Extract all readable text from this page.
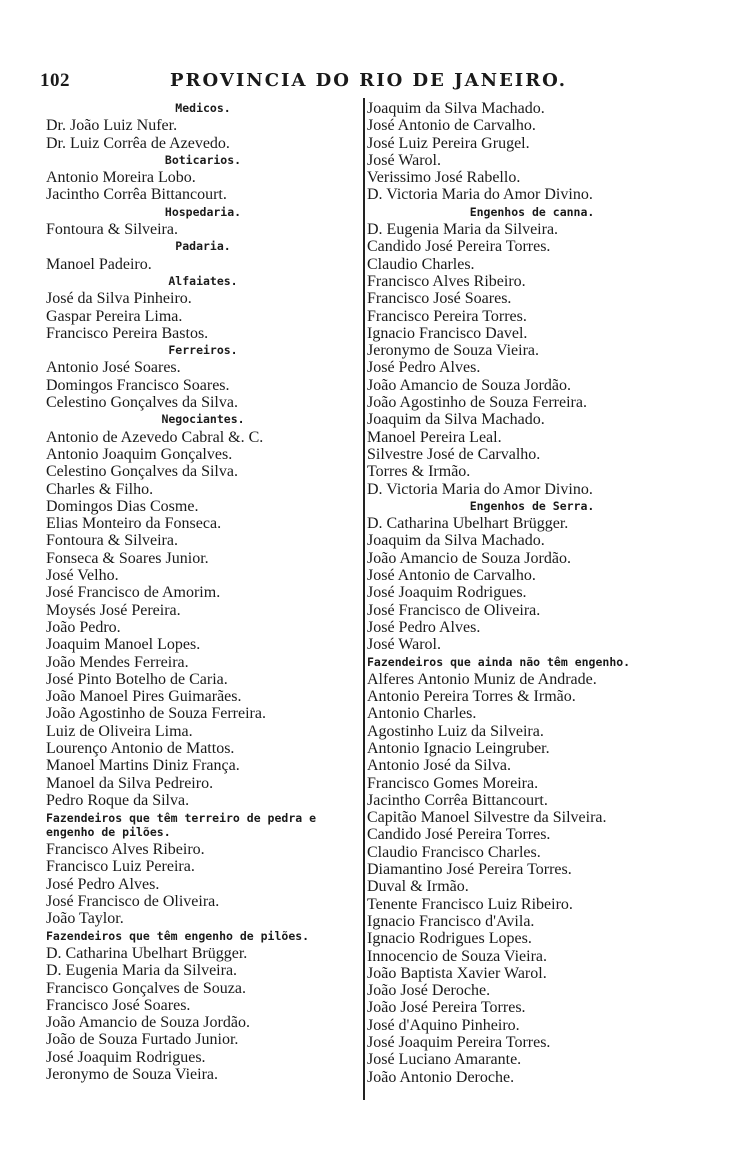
102	PROVINCIA DO RIO DE JANEIRO.
Medicos.
Dr. João Luiz Nufer.
Dr. Luiz Corrêa de Azevedo.
Boticarios.
Antonio Moreira Lobo.
Jacintho Corrêa Bittancourt.
Hospedaria.
Fontoura & Silveira.
Padaria.
Manoel Padeiro.
Alfaiates.
José da Silva Pinheiro.
Gaspar Pereira Lima.
Francisco Pereira Bastos.
Ferreiros.
Antonio José Soares.
Domingos Francisco Soares.
Celestino Gonçalves da Silva.
Negociantes.
Antonio de Azevedo Cabral &. C.
Antonio Joaquim Gonçalves.
Celestino Gonçalves da Silva.
Charles & Filho.
Domingos Dias Cosme.
Elias Monteiro da Fonseca.
Fontoura & Silveira.
Fonseca & Soares Junior.
José Velho.
José Francisco de Amorim.
Moysés José Pereira.
João Pedro.
Joaquim Manoel Lopes.
João Mendes Ferreira.
José Pinto Botelho de Caria.
João Manoel Pires Guimarães.
João Agostinho de Souza Ferreira.
Luiz de Oliveira Lima.
Lourenço Antonio de Mattos.
Manoel Martins Diniz França.
Manoel da Silva Pedreiro.
Pedro Roque da Silva.
Fazendeiros que têm terreiro de pedra e engenho de pilões.
Francisco Alves Ribeiro.
Francisco Luiz Pereira.
José Pedro Alves.
José Francisco de Oliveira.
João Taylor.
Fazendeiros que têm engenho de pilões.
D. Catharina Ubelhart Brügger.
D. Eugenia Maria da Silveira.
Francisco Gonçalves de Souza.
Francisco José Soares.
João Amancio de Souza Jordão.
João de Souza Furtado Junior.
José Joaquim Rodrigues.
Jeronymo de Souza Vieira.
Joaquim da Silva Machado.
José Antonio de Carvalho.
José Luiz Pereira Grugel.
José Warol.
Verissimo José Rabello.
D. Victoria Maria do Amor Divino.
Engenhos de canna.
D. Eugenia Maria da Silveira.
Candido José Pereira Torres.
Claudio Charles.
Francisco Alves Ribeiro.
Francisco José Soares.
Francisco Pereira Torres.
Ignacio Francisco Davel.
Jeronymo de Souza Vieira.
José Pedro Alves.
João Amancio de Souza Jordão.
João Agostinho de Souza Ferreira.
Joaquim da Silva Machado.
Manoel Pereira Leal.
Silvestre José de Carvalho.
Torres & Irmão.
D. Victoria Maria do Amor Divino.
Engenhos de Serra.
D. Catharina Ubelhart Brügger.
Joaquim da Silva Machado.
João Amancio de Souza Jordão.
José Antonio de Carvalho.
José Joaquim Rodrigues.
José Francisco de Oliveira.
José Pedro Alves.
José Warol.
Fazendeiros que ainda não têm engenho.
Alferes Antonio Muniz de Andrade.
Antonio Pereira Torres & Irmão.
Antonio Charles.
Agostinho Luiz da Silveira.
Antonio Ignacio Leingruber.
Antonio José da Silva.
Francisco Gomes Moreira.
Jacintho Corrêa Bittancourt.
Capitão Manoel Silvestre da Silveira.
Candido José Pereira Torres.
Claudio Francisco Charles.
Diamantino José Pereira Torres.
Duval & Irmão.
Tenente Francisco Luiz Ribeiro.
Ignacio Francisco d'Avila.
Ignacio Rodrigues Lopes.
Innocencio de Souza Vieira.
João Baptista Xavier Warol.
João José Deroche.
João José Pereira Torres.
José d'Aquino Pinheiro.
José Joaquim Pereira Torres.
José Luciano Amarante.
João Antonio Deroche.
